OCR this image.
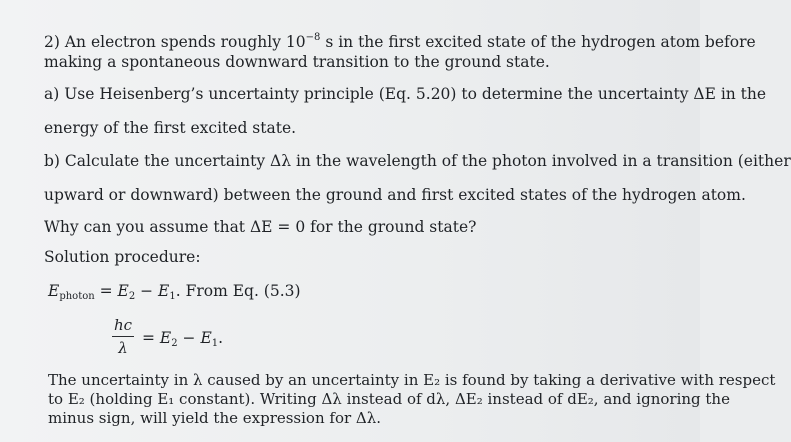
2) An electron spends roughly $10^{-8}$ s in the first excited state of the hydrogen atom before
making a spontaneous downward transition to the ground state.
a) Use Heisenberg’s uncertainty principle (Eq. 5.20) to determine the uncertainty ΔE in the
energy of the first excited state.
b) Calculate the uncertainty Δλ in the wavelength of the photon involved in a transition (either
upward or downward) between the ground and first excited states of the hydrogen atom.
Why can you assume that ΔE = 0 for the ground state?
Solution procedure:
$E_{photon} = E_2 - E_1$. From Eq. (5.3)
hc
λ
= $E_2 - E_1$.
The uncertainty in λ caused by an uncertainty in E₂ is found by taking a derivative with respect
to E₂ (holding E₁ constant). Writing Δλ instead of dλ, ΔE₂ instead of dE₂, and ignoring the
minus sign, will yield the expression for Δλ.
